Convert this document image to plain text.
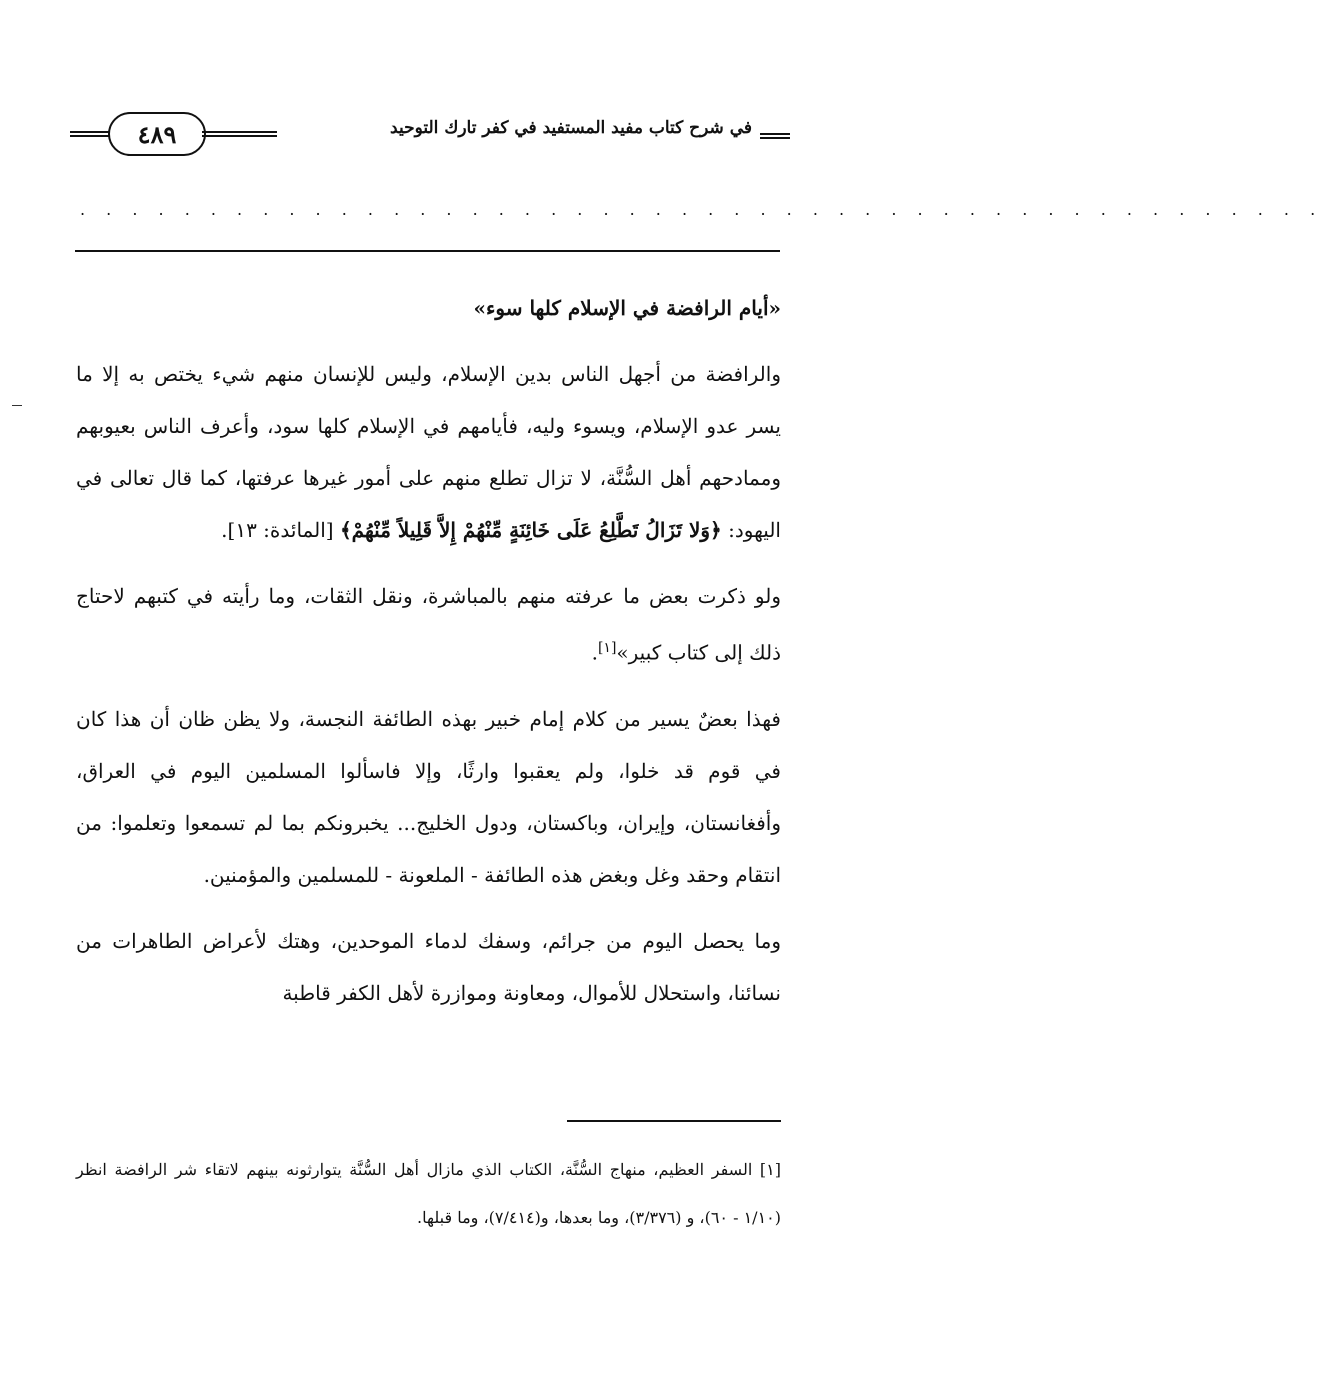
٤٨٩	في شرح كتاب مفيد المستفيد في كفر تارك التوحيد
. . . . . . . . . . . . . . . . . . . . . . . . . . . . . . . . . . . . . . . . . . . . . . . .

«أيام الرافضة في الإسلام كلها سوء»

والرافضة من أجهل الناس بدين الإسلام، وليس للإنسان منهم شيء يختص به إلا ما يسر عدو الإسلام، ويسوء وليه، فأيامهم في الإسلام كلها سود، وأعرف الناس بعيوبهم وممادحهم أهل السُّنَّة، لا تزال تطلع منهم على أمور غيرها عرفتها، كما قال تعالى في اليهود: ﴿وَلا تَزَالُ تَطَّلِعُ عَلَى خَائِنَةٍ مِّنْهُمْ إِلاَّ قَلِيلاً مِّنْهُمْ﴾ [المائدة: ١٣].

ولو ذكرت بعض ما عرفته منهم بالمباشرة، ونقل الثقات، وما رأيته في كتبهم لاحتاج ذلك إلى كتاب كبير»[١].

فهذا بعضٌ يسير من كلام إمام خبير بهذه الطائفة النجسة، ولا يظن ظان أن هذا كان في قوم قد خلوا، ولم يعقبوا وارثًا، وإلا فاسألوا المسلمين اليوم في العراق، وأفغانستان، وإيران، وباكستان، ودول الخليج... يخبرونكم بما لم تسمعوا وتعلموا: من انتقام وحقد وغل وبغض هذه الطائفة - الملعونة - للمسلمين والمؤمنين.

وما يحصل اليوم من جرائم، وسفك لدماء الموحدين، وهتك لأعراض الطاهرات من نسائنا، واستحلال للأموال، ومعاونة وموازرة لأهل الكفر قاطبة

[١] السفر العظيم، منهاج السُّنَّة، الكتاب الذي مازال أهل السُّنَّة يتوارثونه بينهم لاتقاء شر الرافضة انظر (١/١٠ - ٦٠)، و (٣/٣٧٦)، وما بعدها، و(٧/٤١٤)، وما قبلها.
